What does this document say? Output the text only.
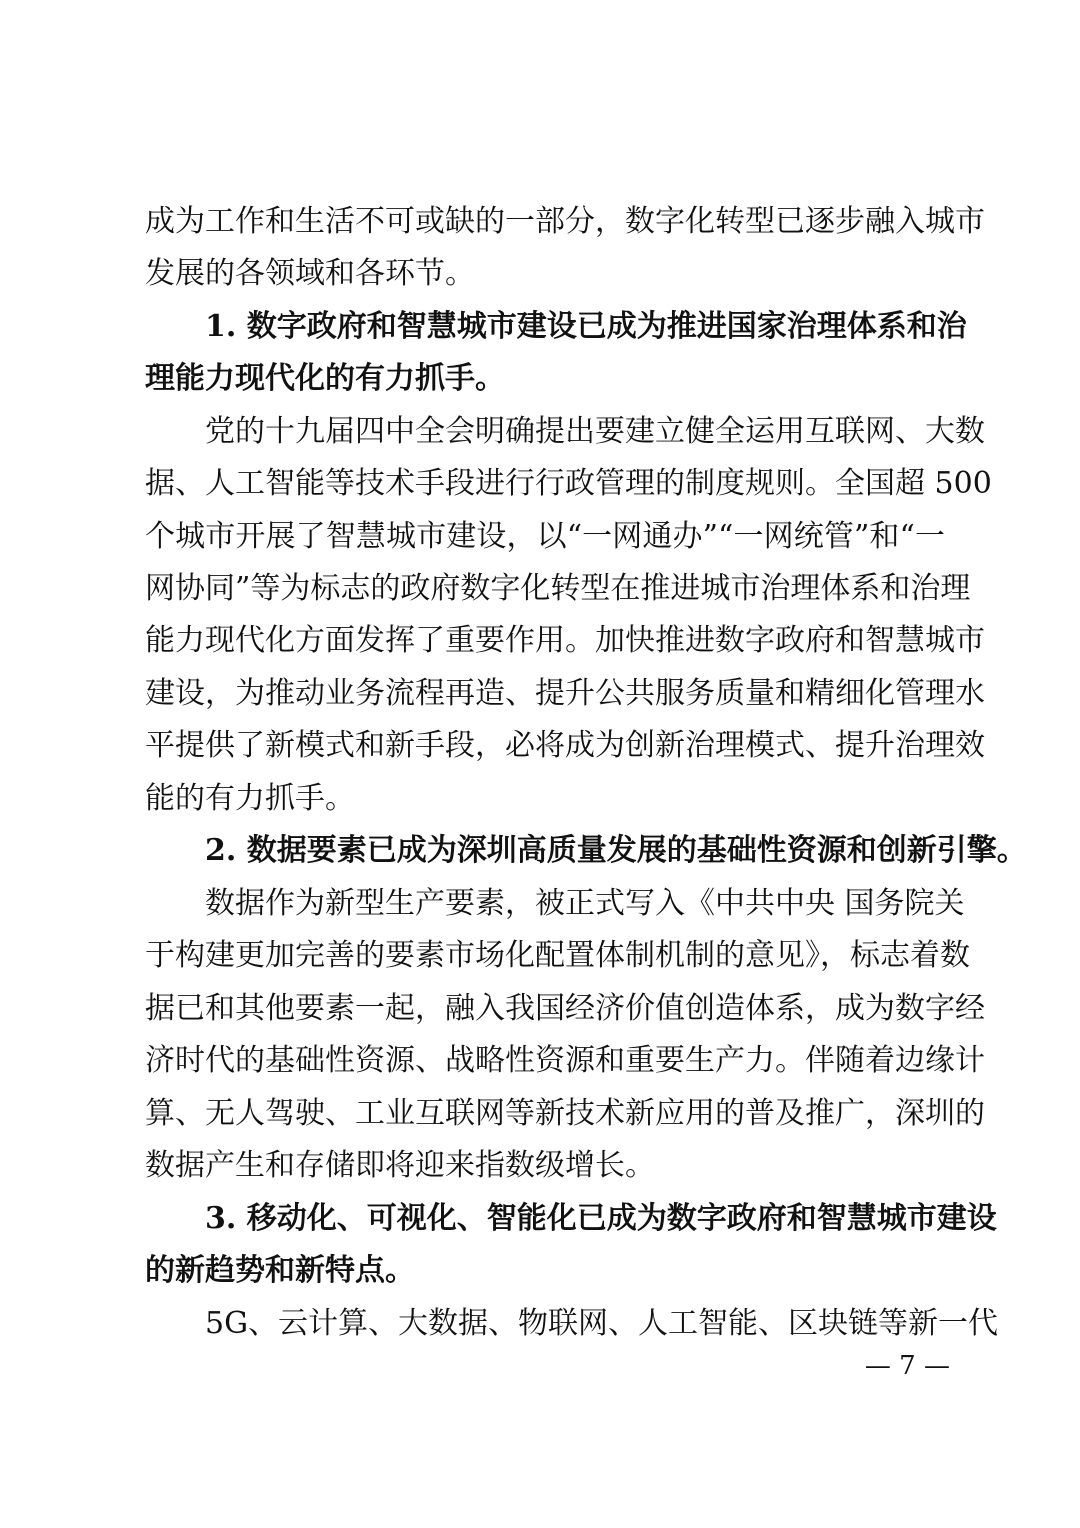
成为工作和生活不可或缺的一部分，数字化转型已逐步融入城市
发展的各领域和各环节。
1. 数字政府和智慧城市建设已成为推进国家治理体系和治
理能力现代化的有力抓手。
党的十九届四中全会明确提出要建立健全运用互联网、大数
据、人工智能等技术手段进行行政管理的制度规则。全国超 500
个城市开展了智慧城市建设，以“一网通办”“一网统管”和“一
网协同”等为标志的政府数字化转型在推进城市治理体系和治理
能力现代化方面发挥了重要作用。加快推进数字政府和智慧城市
建设，为推动业务流程再造、提升公共服务质量和精细化管理水
平提供了新模式和新手段，必将成为创新治理模式、提升治理效
能的有力抓手。
2. 数据要素已成为深圳高质量发展的基础性资源和创新引擎。
数据作为新型生产要素，被正式写入《中共中央 国务院关
于构建更加完善的要素市场化配置体制机制的意见》，标志着数
据已和其他要素一起，融入我国经济价值创造体系，成为数字经
济时代的基础性资源、战略性资源和重要生产力。伴随着边缘计
算、无人驾驶、工业互联网等新技术新应用的普及推广，深圳的
数据产生和存储即将迎来指数级增长。
3. 移动化、可视化、智能化已成为数字政府和智慧城市建设
的新趋势和新特点。
5G、云计算、大数据、物联网、人工智能、区块链等新一代
— 7 —
